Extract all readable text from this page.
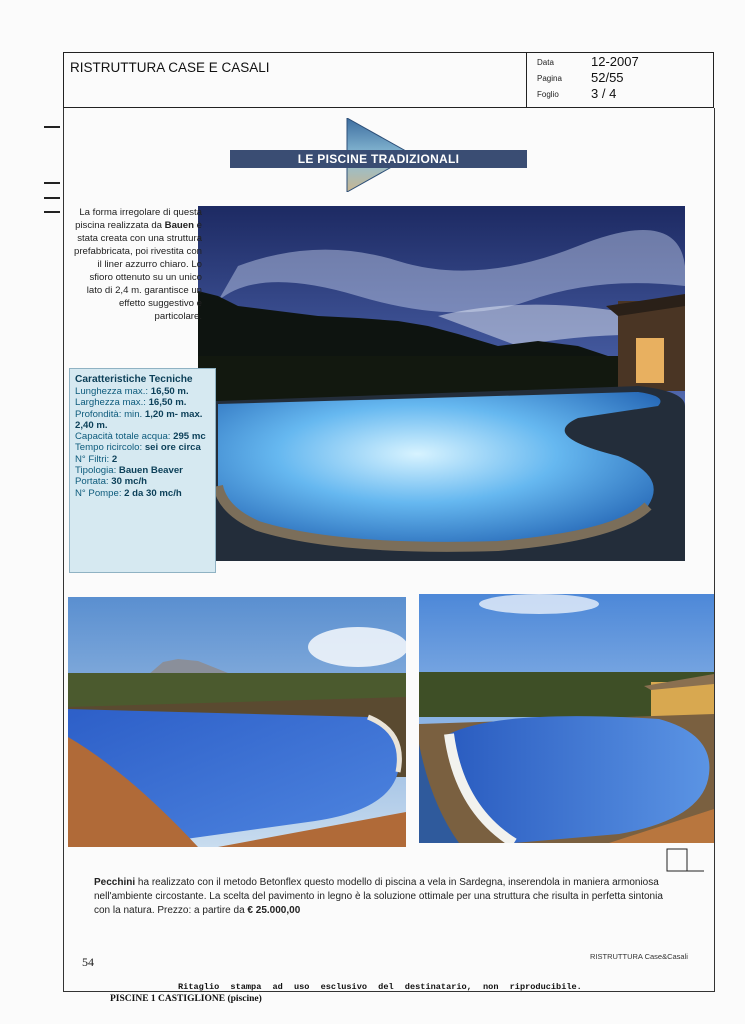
RISTRUTTURA CASE E CASALI	Data	12-2007
Pagina 52/55
Foglio 3 / 4
LE PISCINE TRADIZIONALI
La forma irregolare di questa piscina realizzata da Bauen è stata creata con una struttura prefabbricata, poi rivestita con il liner azzurro chiaro. Lo sfioro ottenuto su un unico lato di 2,4 m. garantisce un effetto suggestivo e particolare.
Caratteristiche Tecniche
Lunghezza max.: 16,50 m.
Larghezza max.: 16,50 m.
Profondità: min. 1,20 m- max. 2,40 m.
Capacità totale acqua: 295 mc
Tempo ricircolo: sei ore circa
N° Filtri: 2
Tipologia: Bauen Beaver
Portata: 30 mc/h
N° Pompe: 2 da 30 mc/h
Pecchini ha realizzato con il metodo Betonflex questo modello di piscina a vela in Sardegna, inserendola in maniera armoniosa nell'ambiente circostante. La scelta del pavimento in legno è la soluzione ottimale per una struttura che risulta in perfetta sintonia con la natura. Prezzo: a partire da € 25.000,00
54	RISTRUTTURA Case&Casali
Ritaglio stampa ad uso esclusivo del destinatario, non riproducibile.
PISCINE 1 CASTIGLIONE (piscine)
